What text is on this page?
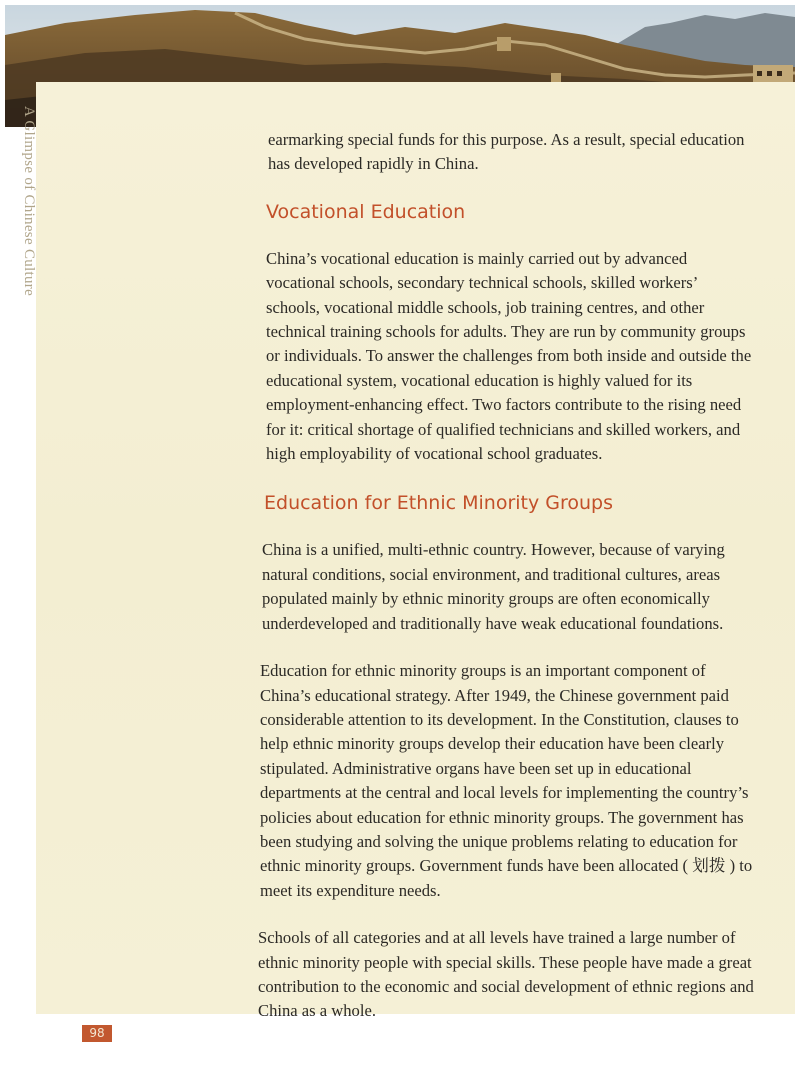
A Glimpse of Chinese Culture	earmarking special funds for this purpose. As a result, special education has developed rapidly in China.

Vocational Education

China’s vocational education is mainly carried out by advanced vocational schools, secondary technical schools, skilled workers’ schools, vocational middle schools, job training centres, and other technical training schools for adults. They are run by community groups or individuals. To answer the challenges from both inside and outside the educational system, vocational education is highly valued for its employment-enhancing effect. Two factors contribute to the rising need for it: critical shortage of qualified technicians and skilled workers, and high employability of vocational school graduates.

Education for Ethnic Minority Groups

China is a unified, multi-ethnic country. However, because of varying natural conditions, social environment, and traditional cultures, areas populated mainly by ethnic minority groups are often economically underdeveloped and traditionally have weak educational foundations.

Education for ethnic minority groups is an important component of China’s educational strategy. After 1949, the Chinese government paid considerable attention to its development. In the Constitution, clauses to help ethnic minority groups develop their education have been clearly stipulated. Administrative organs have been set up in educational departments at the central and local levels for implementing the country’s policies about education for ethnic minority groups. The government has been studying and solving the unique problems relating to education for ethnic minority groups. Government funds have been allocated ( 划拨 ) to meet its expenditure needs.

Schools of all categories and at all levels have trained a large number of ethnic minority people with special skills. These people have made a great contribution to the economic and social development of ethnic regions and China as a whole.

98
